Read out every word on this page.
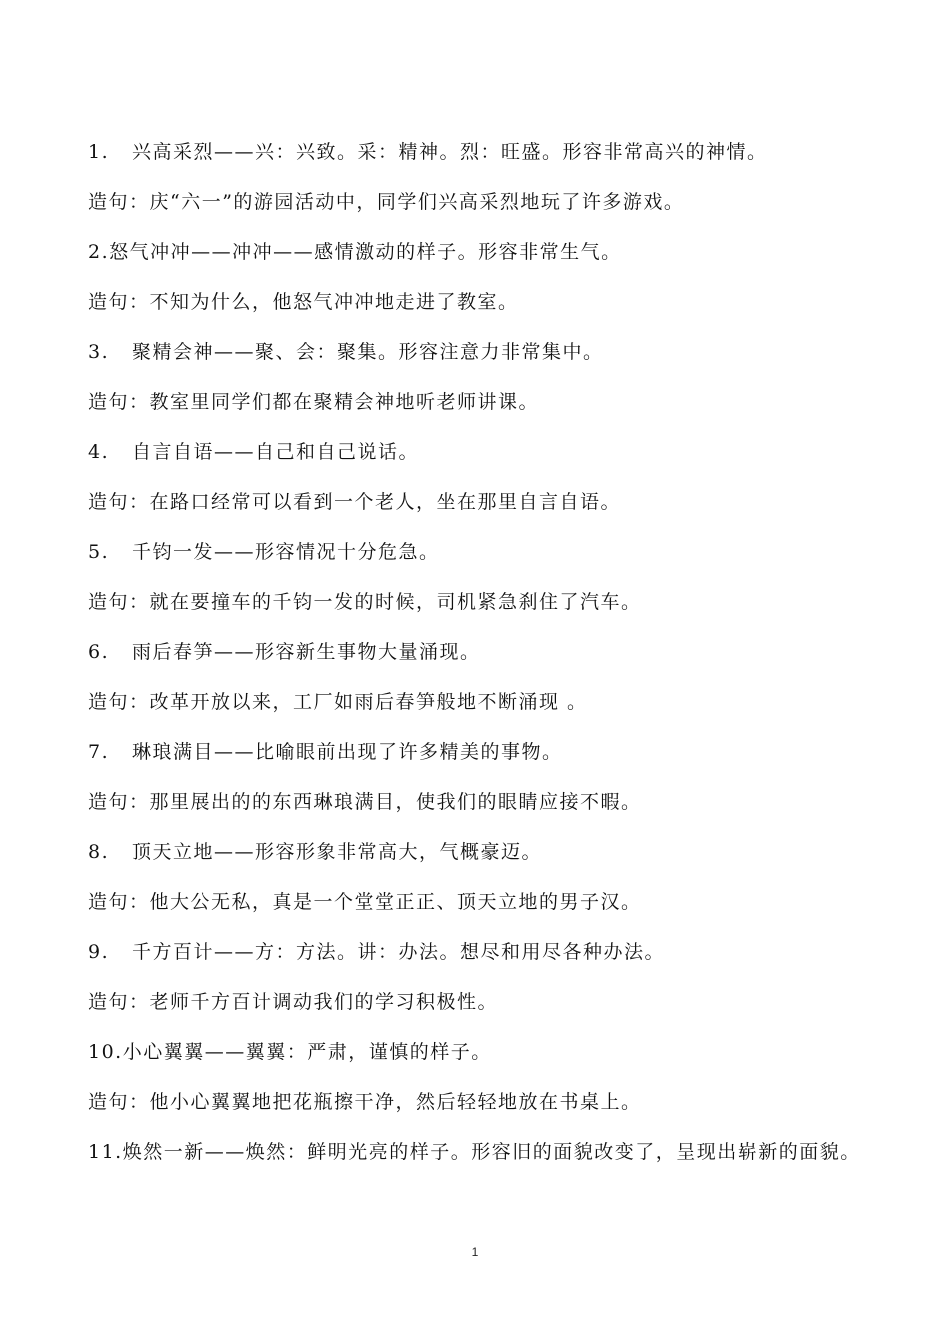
1. 兴高采烈——兴：兴致。采：精神。烈：旺盛。形容非常高兴的神情。
造句：庆“六一”的游园活动中，同学们兴高采烈地玩了许多游戏。
2.怒气冲冲——冲冲——感情激动的样子。形容非常生气。
造句：不知为什么，他怒气冲冲地走进了教室。
3. 聚精会神——聚、会：聚集。形容注意力非常集中。
造句：教室里同学们都在聚精会神地听老师讲课。
4. 自言自语——自己和自己说话。
造句：在路口经常可以看到一个老人，坐在那里自言自语。
5. 千钧一发——形容情况十分危急。
造句：就在要撞车的千钧一发的时候，司机紧急刹住了汽车。
6. 雨后春笋——形容新生事物大量涌现。
造句：改革开放以来，工厂如雨后春笋般地不断涌现 。
7. 琳琅满目——比喻眼前出现了许多精美的事物。
造句：那里展出的的东西琳琅满目，使我们的眼睛应接不暇。
8. 顶天立地——形容形象非常高大，气概豪迈。
造句：他大公无私，真是一个堂堂正正、顶天立地的男子汉。
9. 千方百计——方：方法。讲：办法。想尽和用尽各种办法。
造句：老师千方百计调动我们的学习积极性。
10.小心翼翼——翼翼：严肃，谨慎的样子。
造句：他小心翼翼地把花瓶擦干净，然后轻轻地放在书桌上。
11.焕然一新——焕然：鲜明光亮的样子。形容旧的面貌改变了，呈现出崭新的面貌。
1
